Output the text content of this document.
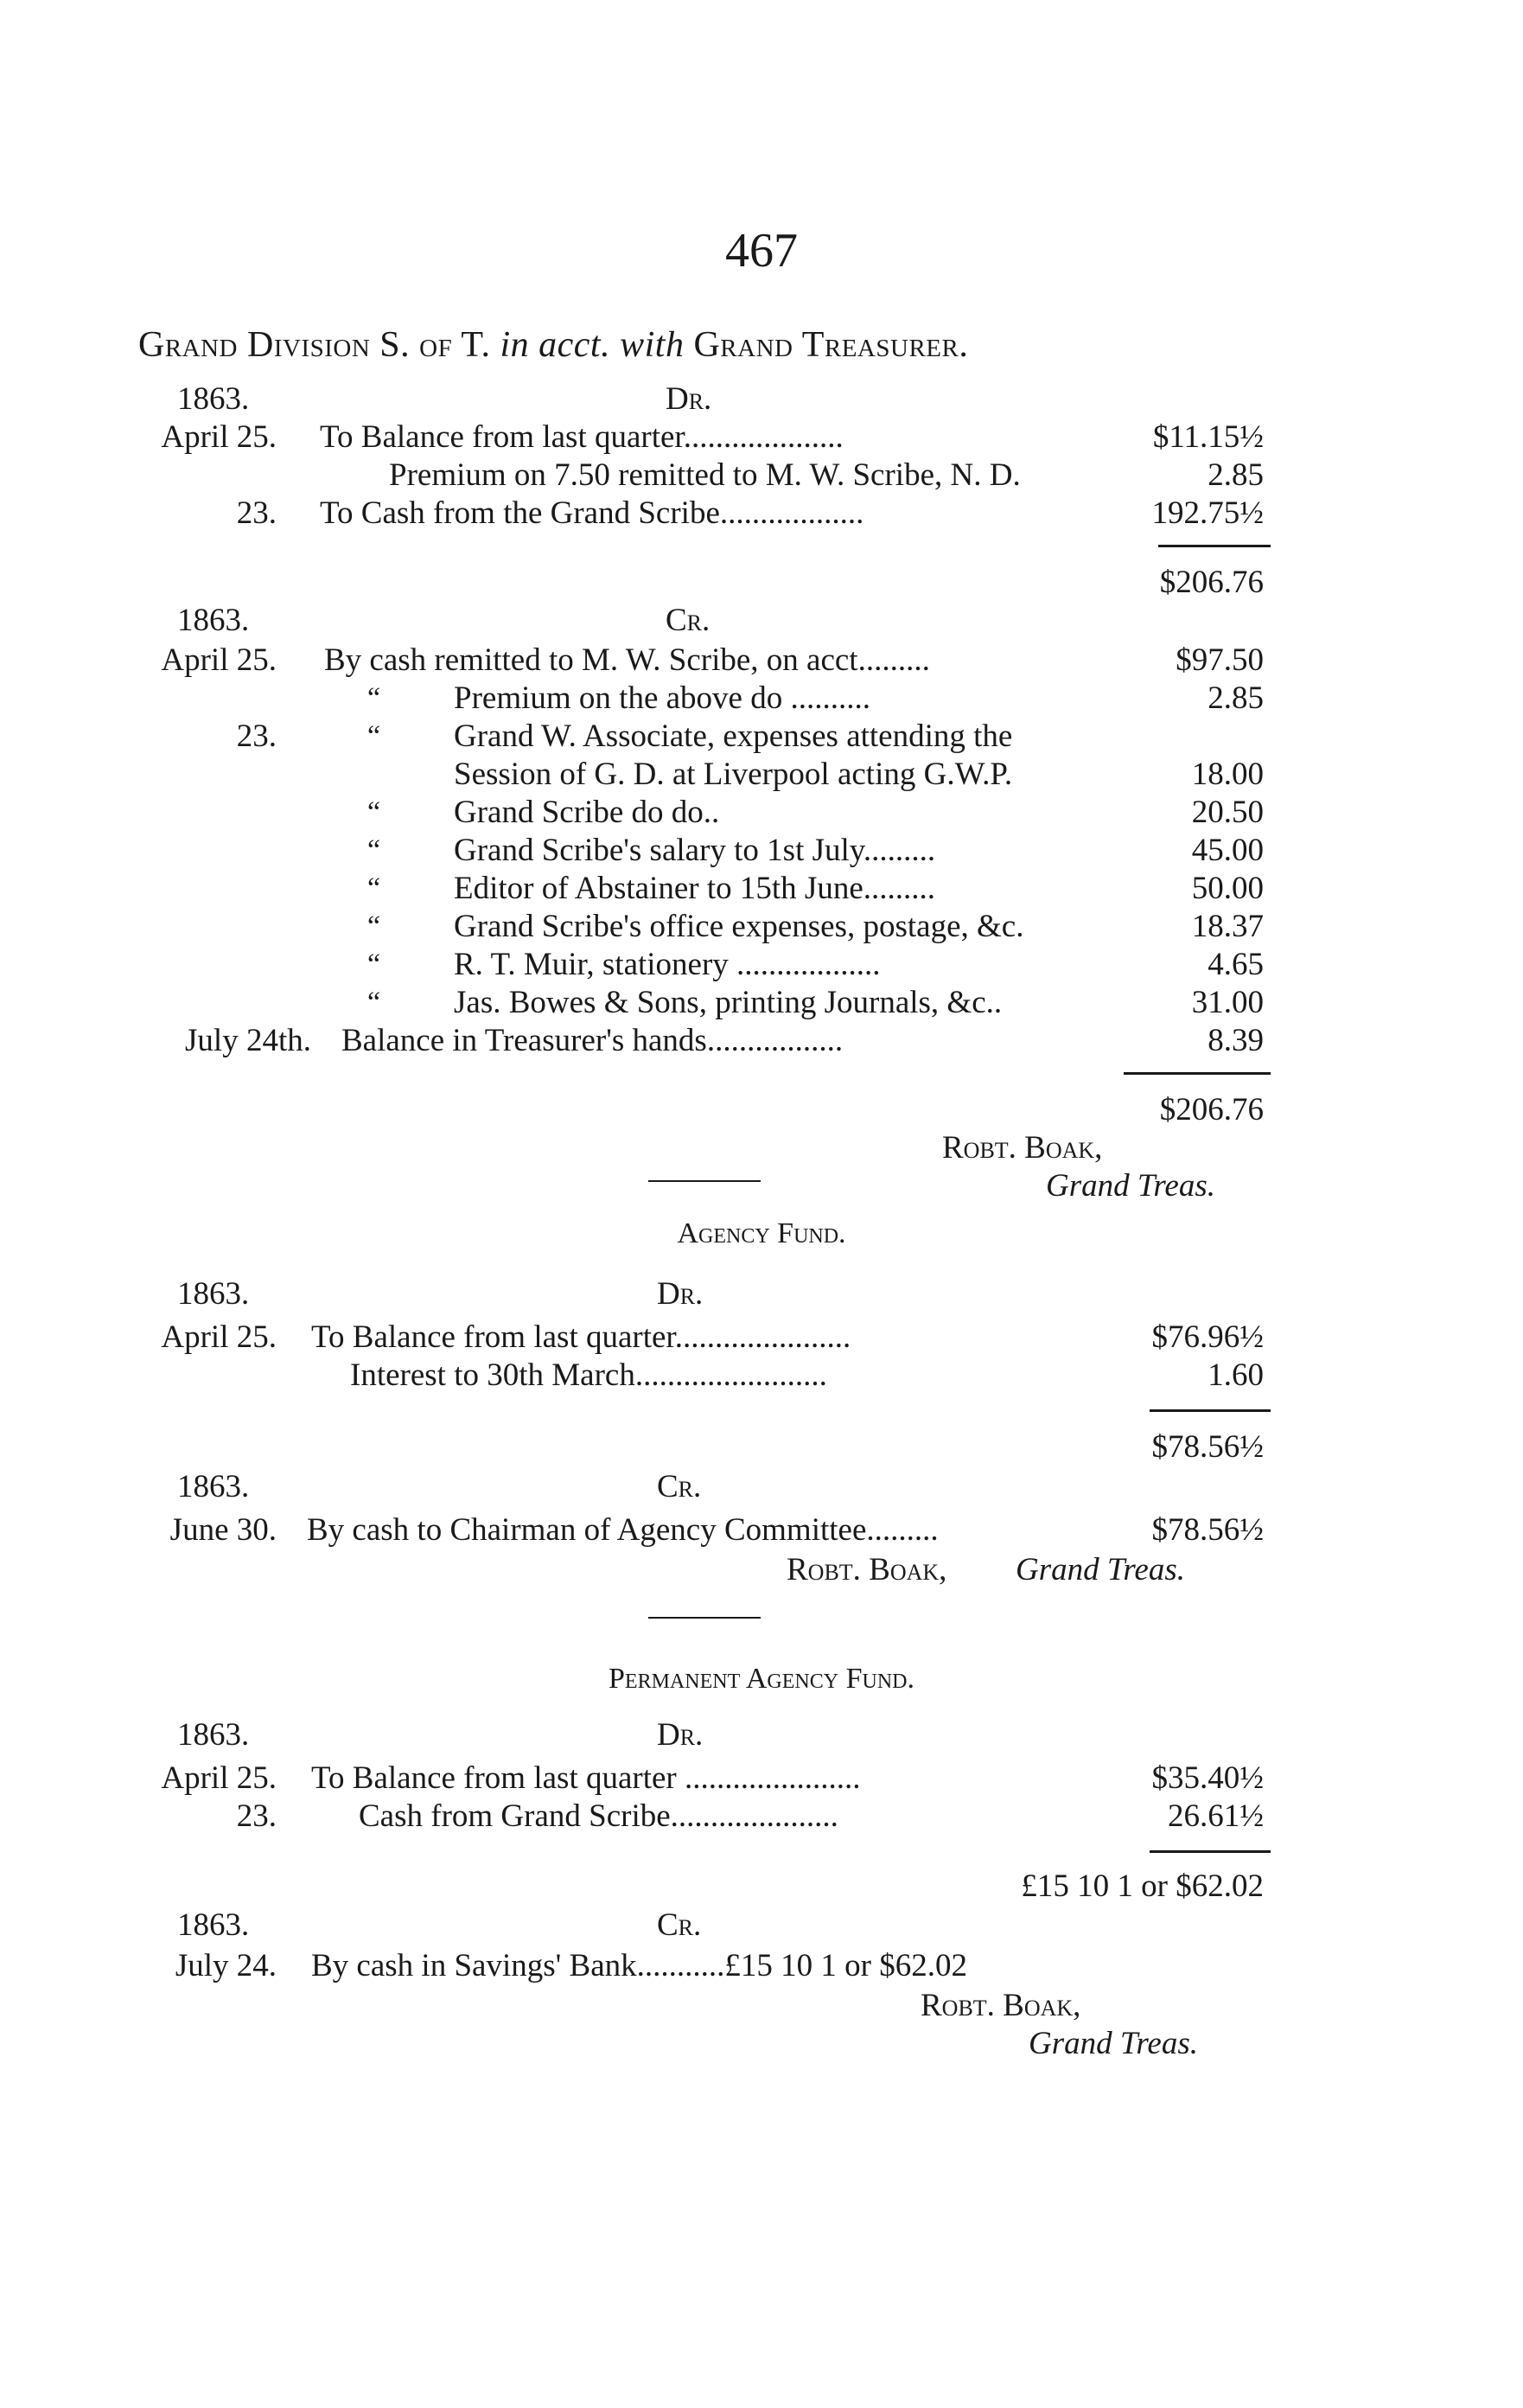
467
Grand Division S. of T. in acct. with Grand Treasurer.
1863.	Dr.
April 25. To Balance from last quarter....................	$11.15½
Premium on 7.50 remitted to M. W. Scribe, N. D.	2.85
23. To Cash from the Grand Scribe..................	192.75½
$206.76
1863.	Cr.
April 25. By cash remitted to M. W. Scribe, on acct.........	$97.50
“ Premium on the above do ..........	2.85
23.	“ Grand W. Associate, expenses attending the
Session of G. D. at Liverpool acting G.W.P.	18.00
“ Grand Scribe do do..	20.50
“ Grand Scribe's salary to 1st July.........	45.00
“ Editor of Abstainer to 15th June.........	50.00
“ Grand Scribe's office expenses, postage, &c.	18.37
“ R. T. Muir, stationery ..................	4.65
“ Jas. Bowes & Sons, printing Journals, &c..	31.00
July 24th. Balance in Treasurer's hands.................	8.39
$206.76
Robt. Boak,
Grand Treas.
Agency Fund.
1863.	Dr.
April 25. To Balance from last quarter......................	$76.96½
Interest to 30th March........................	1.60
$78.56½
1863.	Cr.
June 30. By cash to Chairman of Agency Committee.........	$78.56½
Robt. Boak, Grand Treas.
Permanent Agency Fund.
1863.	Dr.
April 25. To Balance from last quarter ......................	$35.40½
23.	Cash from Grand Scribe.....................	26.61½
£15 10 1 or $62.02
1863.	Cr.
July 24. By cash in Savings' Bank...........£15 10 1 or $62.02
Robt. Boak,
Grand Treas.
